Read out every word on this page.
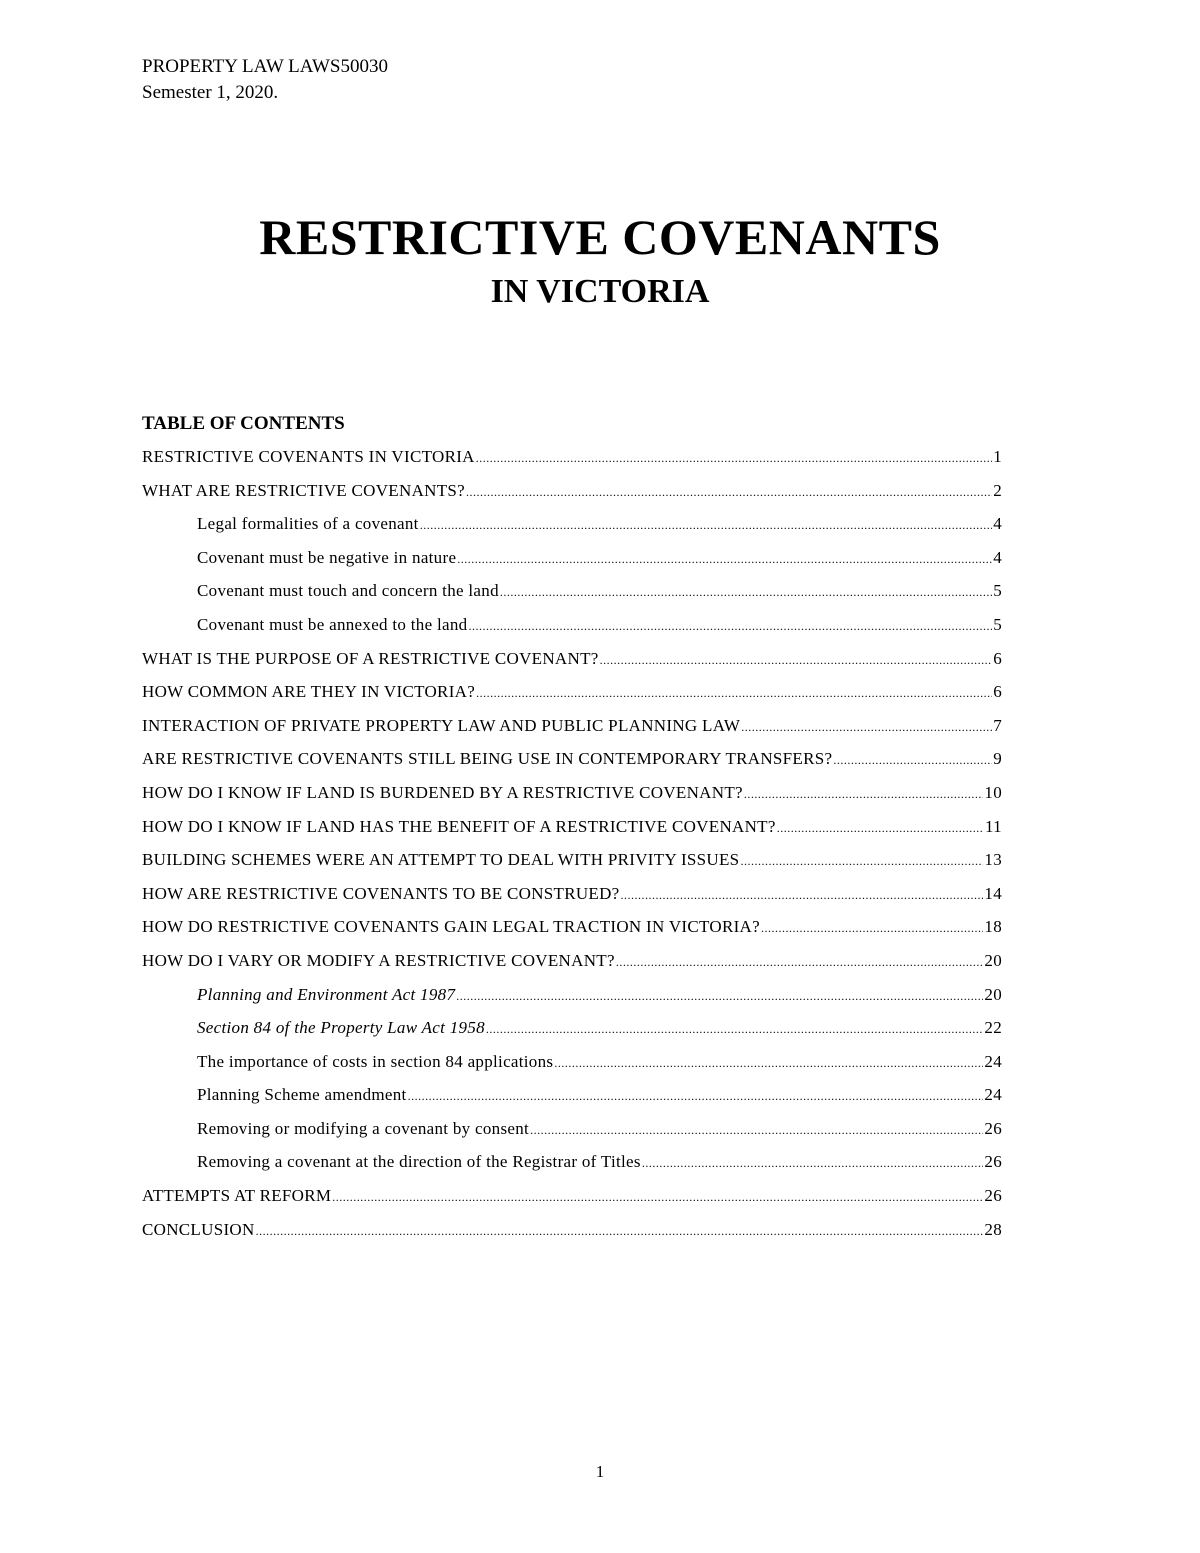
PROPERTY LAW LAWS50030
Semester 1, 2020.
RESTRICTIVE COVENANTS
IN VICTORIA
TABLE OF CONTENTS
RESTRICTIVE COVENANTS IN VICTORIA .....	1
WHAT ARE RESTRICTIVE COVENANTS? .....	2
Legal formalities of a covenant .....	4
Covenant must be negative in nature .....	4
Covenant must touch and concern the land .....	5
Covenant must be annexed to the land .....	5
WHAT IS THE PURPOSE OF A RESTRICTIVE COVENANT? .....	6
HOW COMMON ARE THEY IN VICTORIA? .....	6
INTERACTION OF PRIVATE PROPERTY LAW AND PUBLIC PLANNING LAW .....	7
ARE RESTRICTIVE COVENANTS STILL BEING USE IN CONTEMPORARY TRANSFERS? .....	9
HOW DO I KNOW IF LAND IS BURDENED BY A RESTRICTIVE COVENANT? .....	10
HOW DO I KNOW IF LAND HAS THE BENEFIT OF A RESTRICTIVE COVENANT? .....	11
BUILDING SCHEMES WERE AN ATTEMPT TO DEAL WITH PRIVITY ISSUES .....	13
HOW ARE RESTRICTIVE COVENANTS TO BE CONSTRUED? .....	14
HOW DO RESTRICTIVE COVENANTS GAIN LEGAL TRACTION IN VICTORIA? .....	18
HOW DO I VARY OR MODIFY A RESTRICTIVE COVENANT? .....	20
Planning and Environment Act 1987 .....	20
Section 84 of the Property Law Act 1958 .....	22
The importance of costs in section 84 applications .....	24
Planning Scheme amendment .....	24
Removing or modifying a covenant by consent .....	26
Removing a covenant at the direction of the Registrar of Titles .....	26
ATTEMPTS AT REFORM .....	26
CONCLUSION .....	28
1
